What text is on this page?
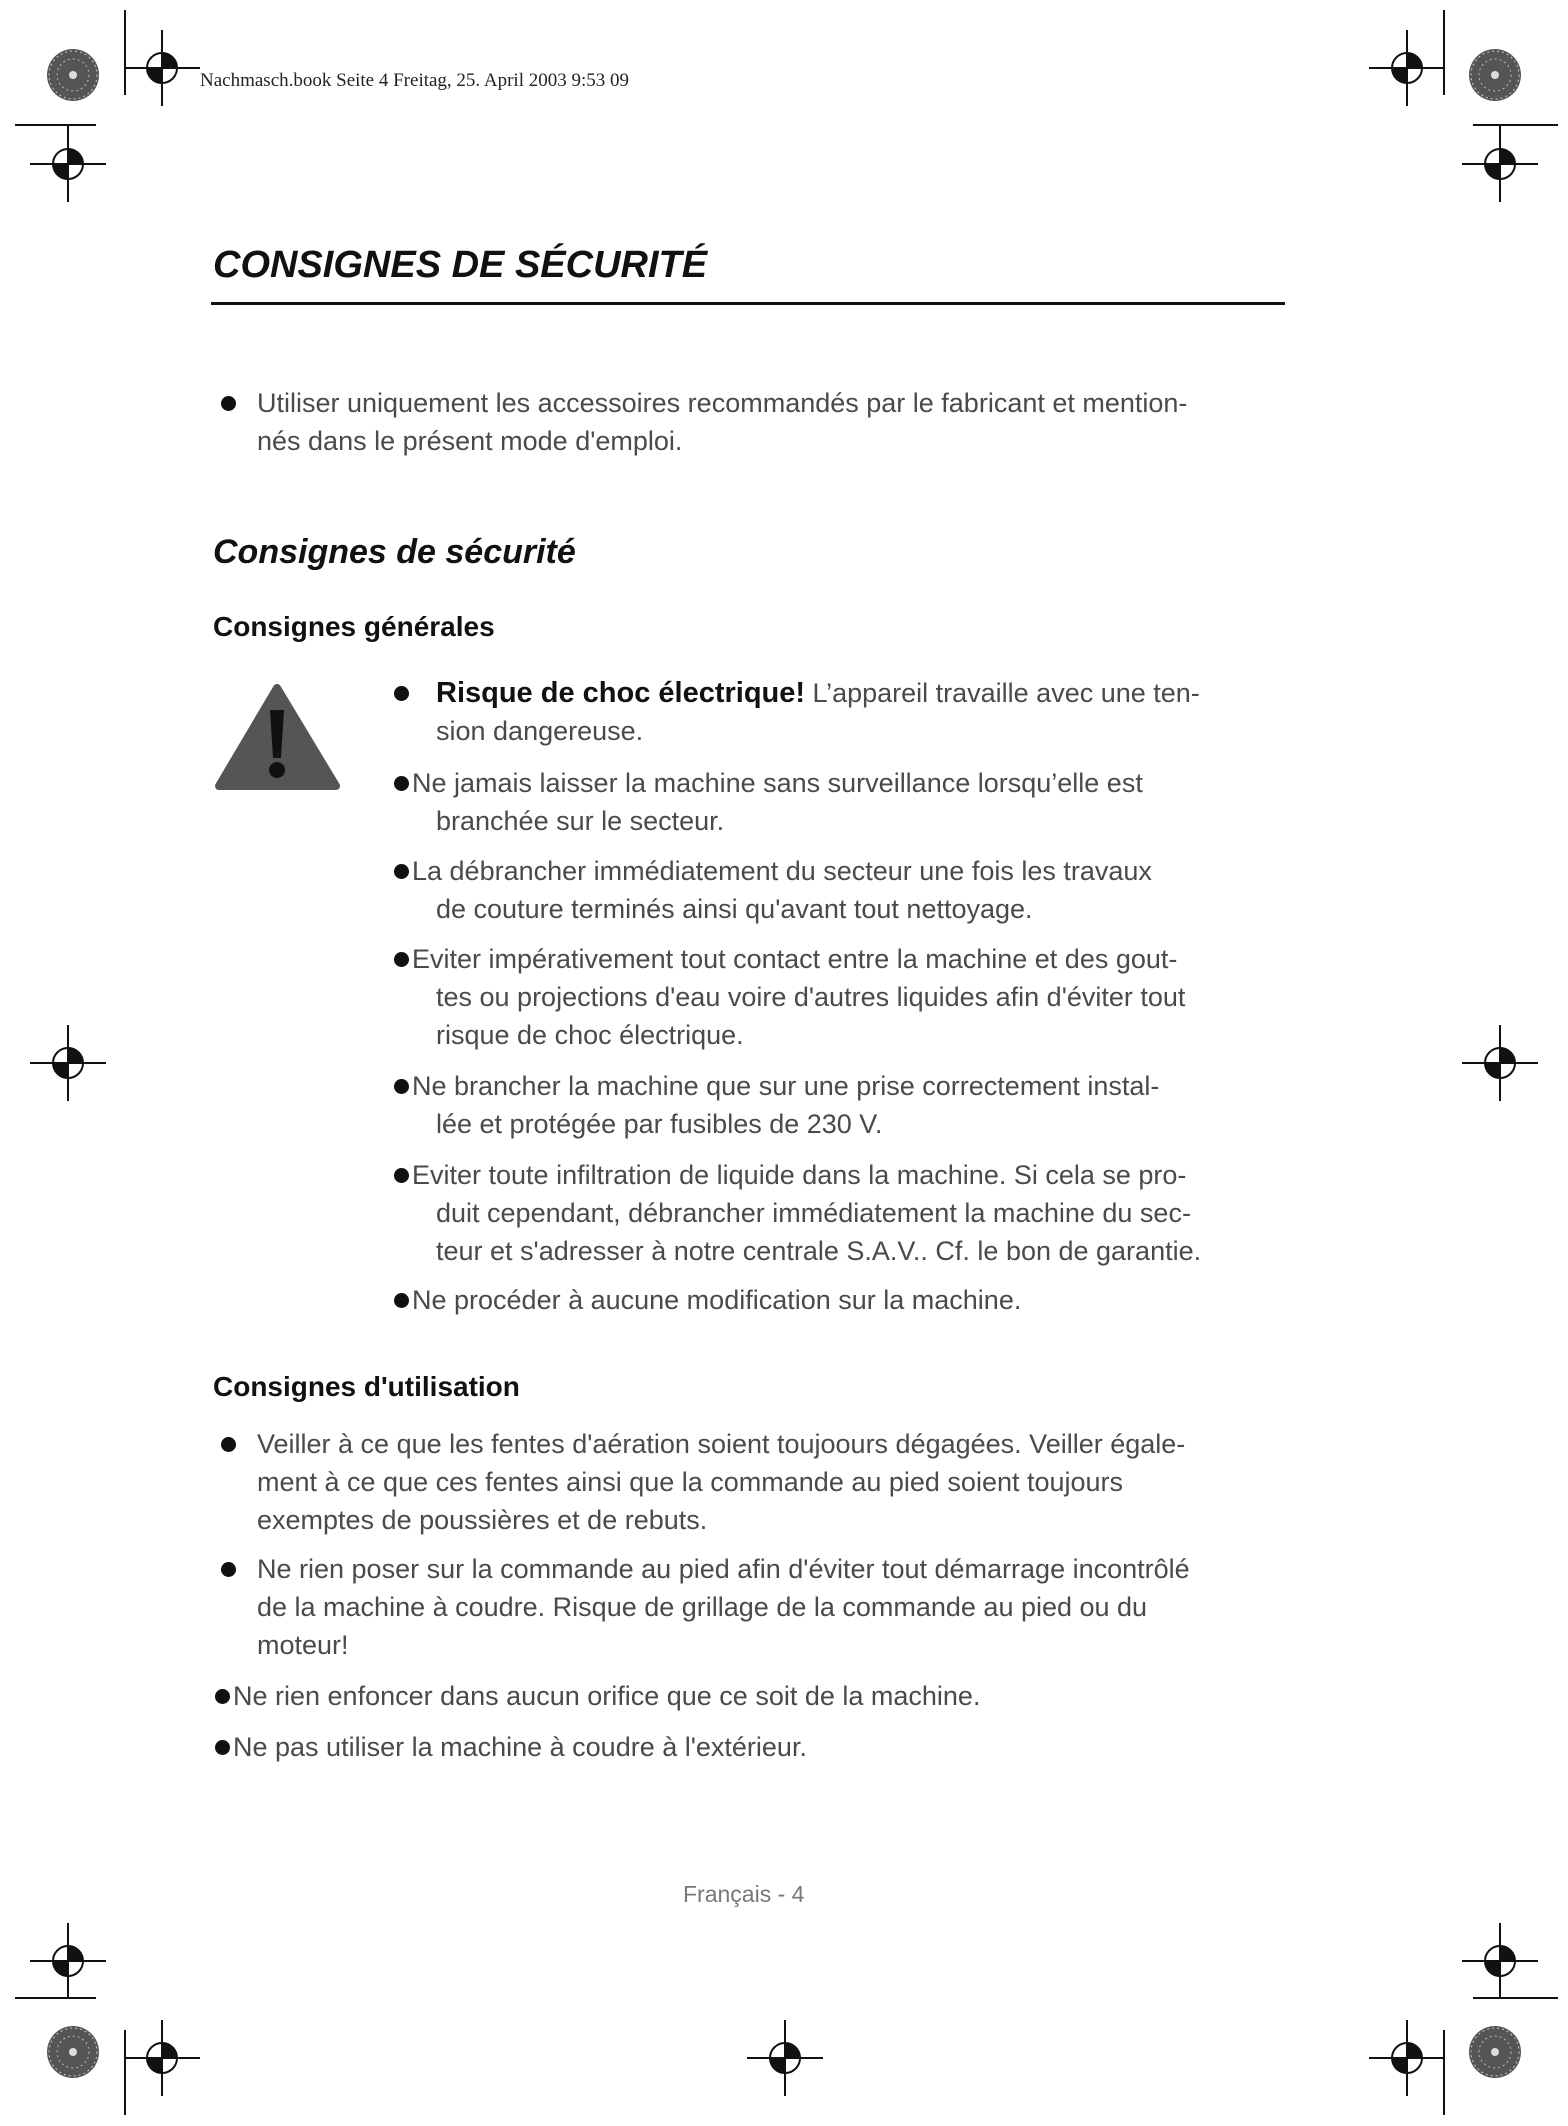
Nachmasch.book Seite 4 Freitag, 25. April 2003 9:53 09
CONSIGNES DE SÉCURITÉ
Utiliser uniquement les accessoires recommandés par le fabricant et mention-
nés dans le présent mode d'emploi.
Consignes de sécurité
Consignes générales
Risque de choc électrique! L’appareil travaille avec une ten-
sion dangereuse.
Ne jamais laisser la machine sans surveillance lorsqu’elle est
branchée sur le secteur.
La débrancher immédiatement du secteur une fois les travaux
de couture terminés ainsi qu'avant tout nettoyage.
Eviter impérativement tout contact entre la machine et des gout-
tes ou projections d'eau voire d'autres liquides afin d'éviter tout
risque de choc électrique.
Ne brancher la machine que sur une prise correctement instal-
lée et protégée par fusibles de 230 V.
Eviter toute infiltration de liquide dans la machine. Si cela se pro-
duit cependant, débrancher immédiatement la machine du sec-
teur et s'adresser à notre centrale S.A.V.. Cf. le bon de garantie.
Ne procéder à aucune modification sur la machine.
Consignes d'utilisation
Veiller à ce que les fentes d'aération soient toujoours dégagées. Veiller égale-
ment à ce que ces fentes ainsi que la commande au pied soient toujours
exemptes de poussières et de rebuts.
Ne rien poser sur la commande au pied afin d'éviter tout démarrage incontrôlé
de la machine à coudre. Risque de grillage de la commande au pied ou du
moteur!
Ne rien enfoncer dans aucun orifice que ce soit de la machine.
Ne pas utiliser la machine à coudre à l'extérieur.
Français - 4
